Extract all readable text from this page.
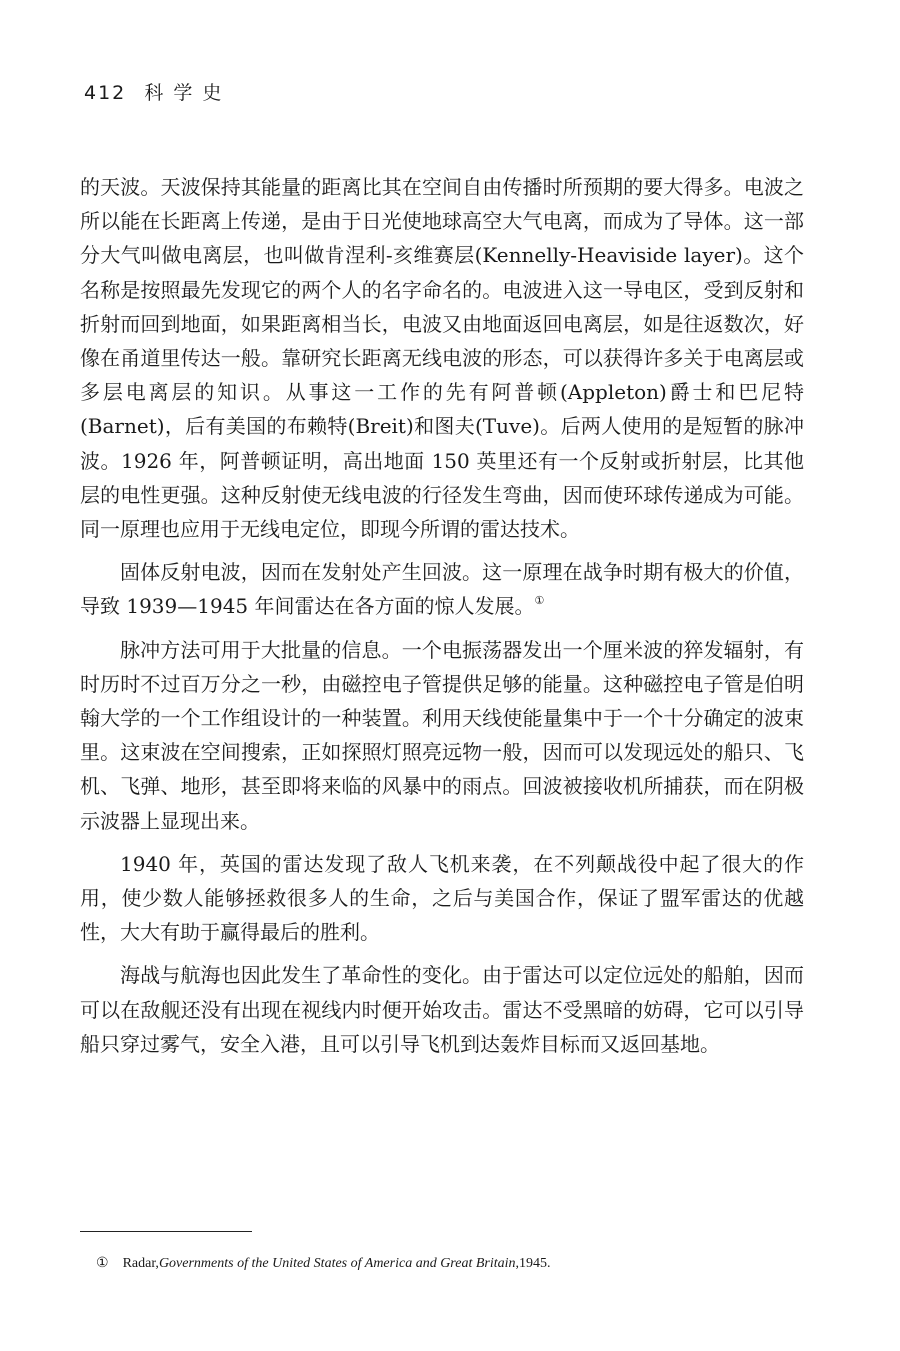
412 科学史

的天波。天波保持其能量的距离比其在空间自由传播时所预期的要大得多。电波之所以能在长距离上传递，是由于日光使地球高空大气电离，而成为了导体。这一部分大气叫做电离层，也叫做肯涅利-亥维赛层(Kennelly-Heaviside layer)。这个名称是按照最先发现它的两个人的名字命名的。电波进入这一导电区，受到反射和折射而回到地面，如果距离相当长，电波又由地面返回电离层，如是往返数次，好像在甬道里传达一般。靠研究长距离无线电波的形态，可以获得许多关于电离层或多层电离层的知识。从事这一工作的先有阿普顿(Appleton)爵士和巴尼特(Barnet)，后有美国的布赖特(Breit)和图夫(Tuve)。后两人使用的是短暂的脉冲波。1926 年，阿普顿证明，高出地面 150 英里还有一个反射或折射层，比其他层的电性更强。这种反射使无线电波的行径发生弯曲，因而使环球传递成为可能。同一原理也应用于无线电定位，即现今所谓的雷达技术。

固体反射电波，因而在发射处产生回波。这一原理在战争时期有极大的价值，导致 1939—1945 年间雷达在各方面的惊人发展。①

脉冲方法可用于大批量的信息。一个电振荡器发出一个厘米波的猝发辐射，有时历时不过百万分之一秒，由磁控电子管提供足够的能量。这种磁控电子管是伯明翰大学的一个工作组设计的一种装置。利用天线使能量集中于一个十分确定的波束里。这束波在空间搜索，正如探照灯照亮远物一般，因而可以发现远处的船只、飞机、飞弹、地形，甚至即将来临的风暴中的雨点。回波被接收机所捕获，而在阴极示波器上显现出来。

1940 年，英国的雷达发现了敌人飞机来袭，在不列颠战役中起了很大的作用，使少数人能够拯救很多人的生命，之后与美国合作，保证了盟军雷达的优越性，大大有助于赢得最后的胜利。

海战与航海也因此发生了革命性的变化。由于雷达可以定位远处的船舶，因而可以在敌舰还没有出现在视线内时便开始攻击。雷达不受黑暗的妨碍，它可以引导船只穿过雾气，安全入港，且可以引导飞机到达轰炸目标而又返回基地。

① Radar,Governments of the United States of America and Great Britain,1945.
